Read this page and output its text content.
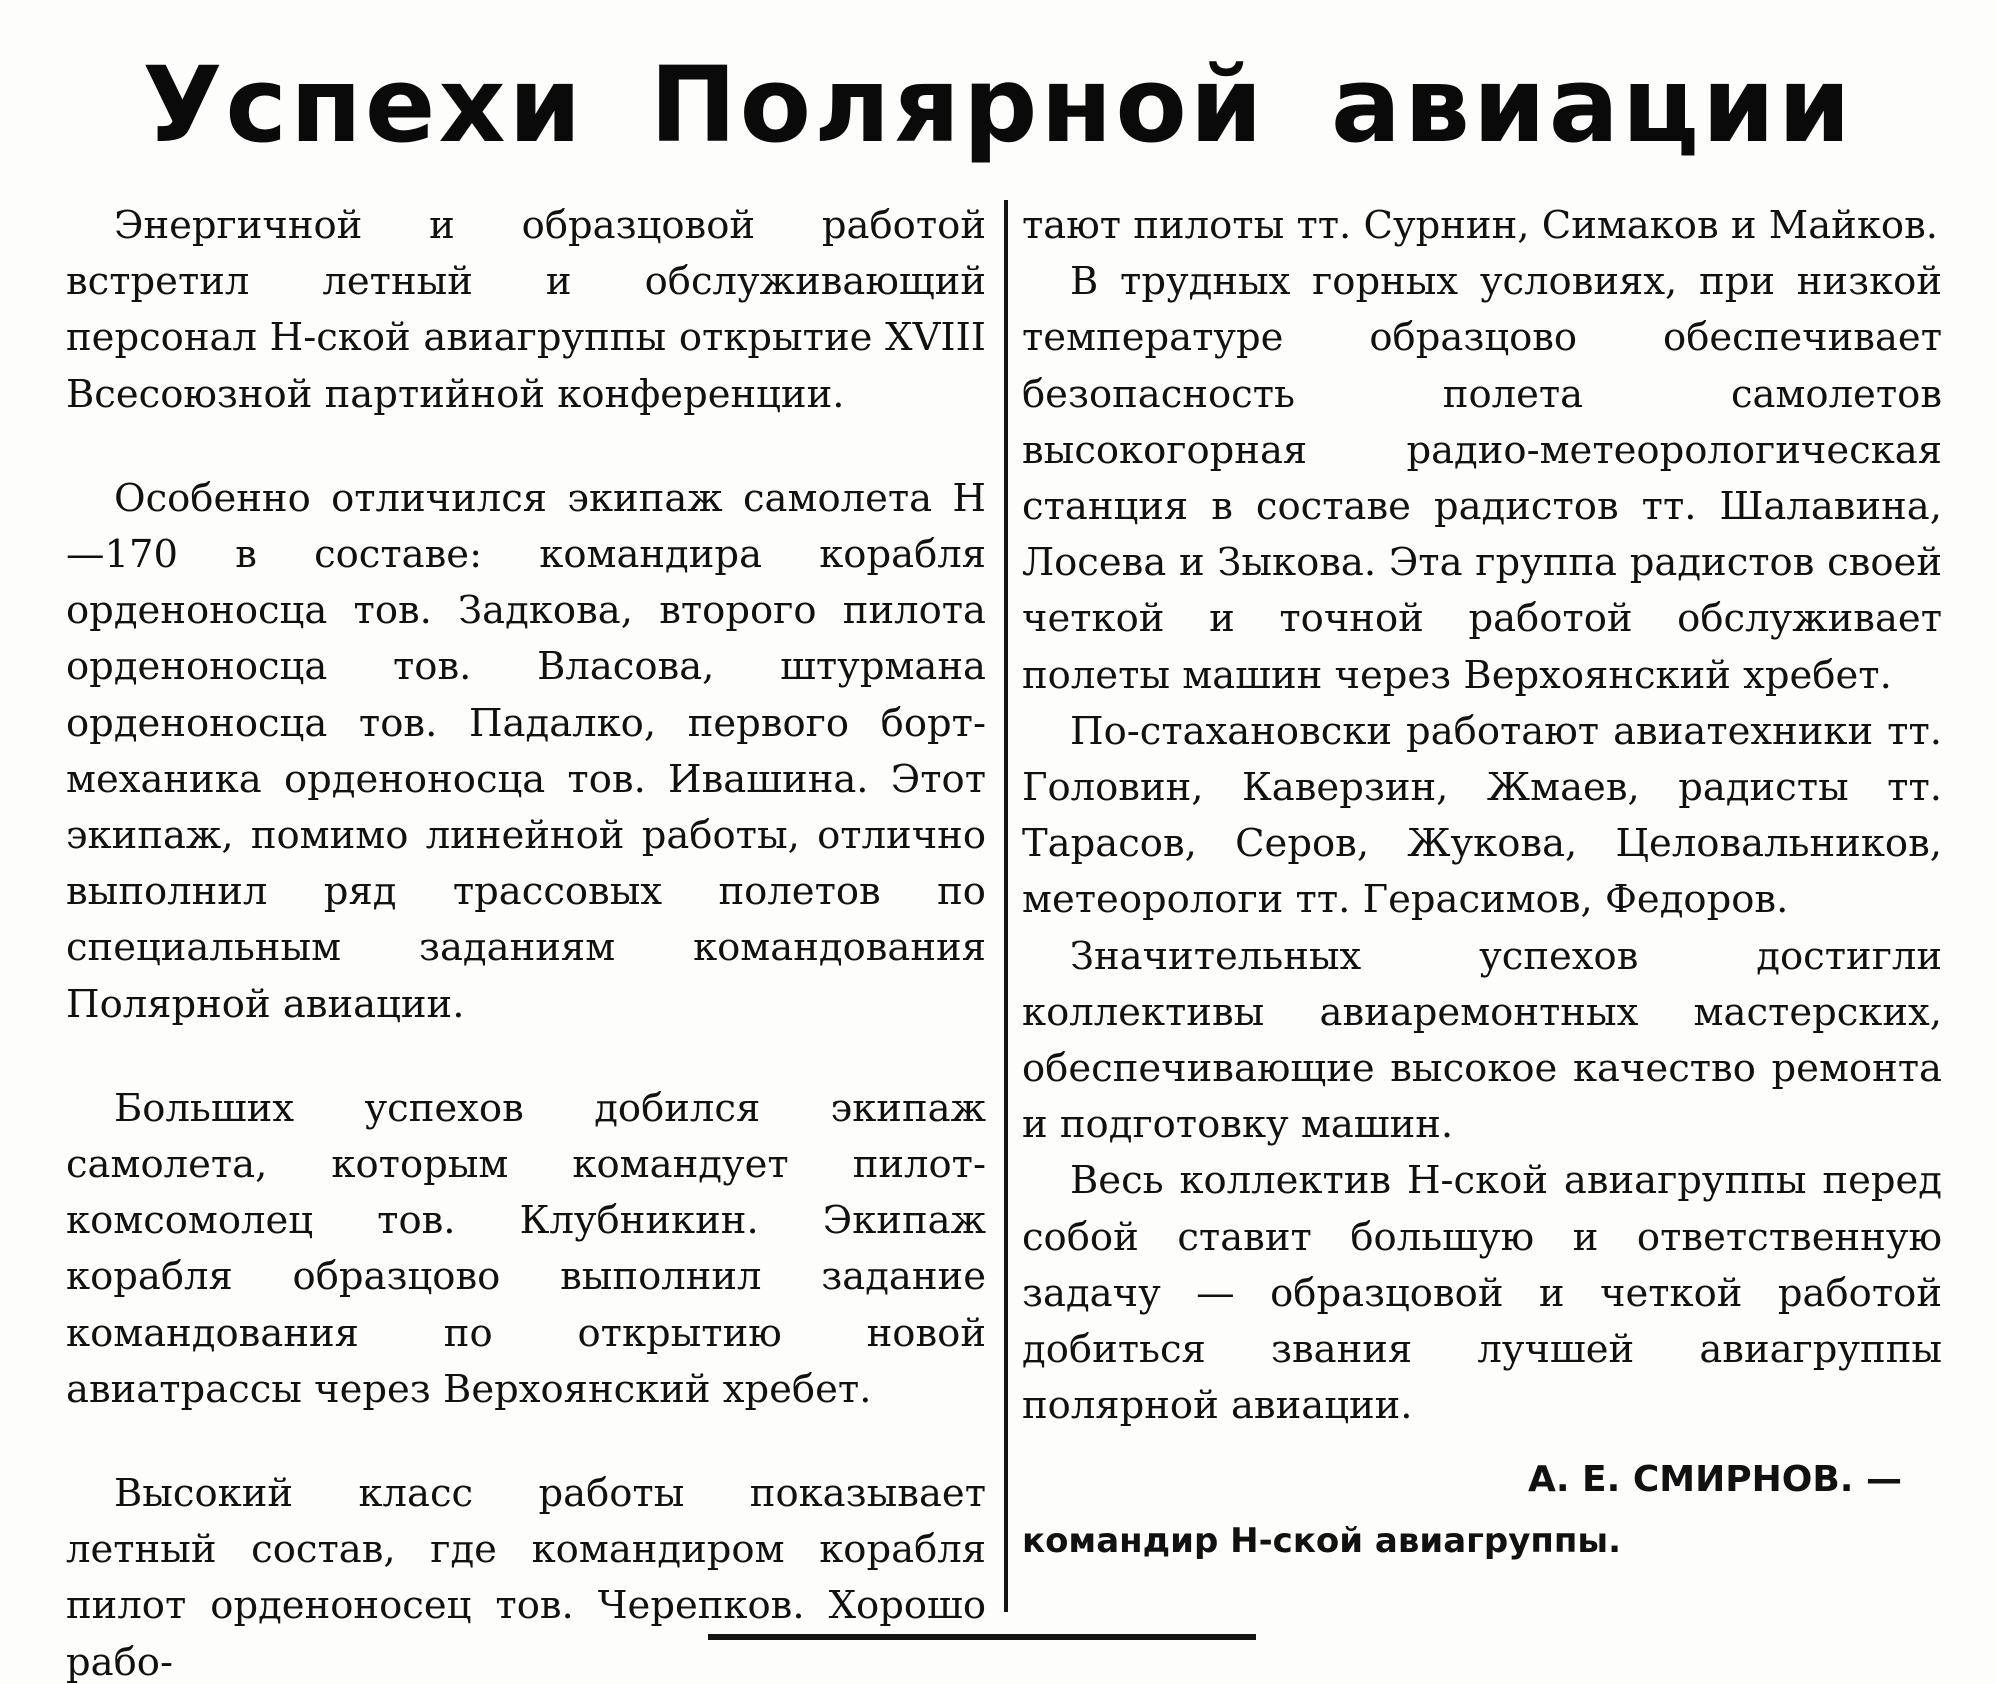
Успехи Полярной авиации

Энергичной и образцовой работой встретил летный и обслуживающий персонал Н-ской авиагруппы открытие XVIII Всесоюзной партийной конференции.

Особенно отличился экипаж самолета Н—170 в составе: командира корабля орденоносца тов. Задкова, второго пилота орденоносца тов. Власова, штурмана орденоносца тов. Падалко, первого борт-механика орденоносца тов. Ивашина. Этот экипаж, помимо линейной работы, отлично выполнил ряд трассовых полетов по специальным заданиям командования Полярной авиации.

Больших успехов добился экипаж самолета, которым командует пилот-комсомолец тов. Клубникин. Экипаж корабля образцово выполнил задание командования по открытию новой авиатрассы через Верхоянский хребет.

Высокий класс работы показывает летный состав, где командиром корабля пилот орденоносец тов. Черепков. Хорошо рабо-

тают пилоты тт. Сурнин, Симаков и Майков.

В трудных горных условиях, при низкой температуре образцово обеспечивает безопасность полета самолетов высокогорная радио-метеорологическая станция в составе радистов тт. Шалавина, Лосева и Зыкова. Эта группа радистов своей четкой и точной работой обслуживает полеты машин через Верхоянский хребет.

По-стахановски работают авиатехники тт. Головин, Каверзин, Жмаев, радисты тт. Тарасов, Серов, Жукова, Целовальников, метеорологи тт. Герасимов, Федоров.

Значительных успехов достигли коллективы авиаремонтных мастерских, обеспечивающие высокое качество ремонта и подготовку машин.

Весь коллектив Н-ской авиагруппы перед собой ставит большую и ответственную задачу — образцовой и четкой работой добиться звания лучшей авиагруппы полярной авиации.

А. Е. СМИРНОВ. —
командир Н-ской авиагруппы.
